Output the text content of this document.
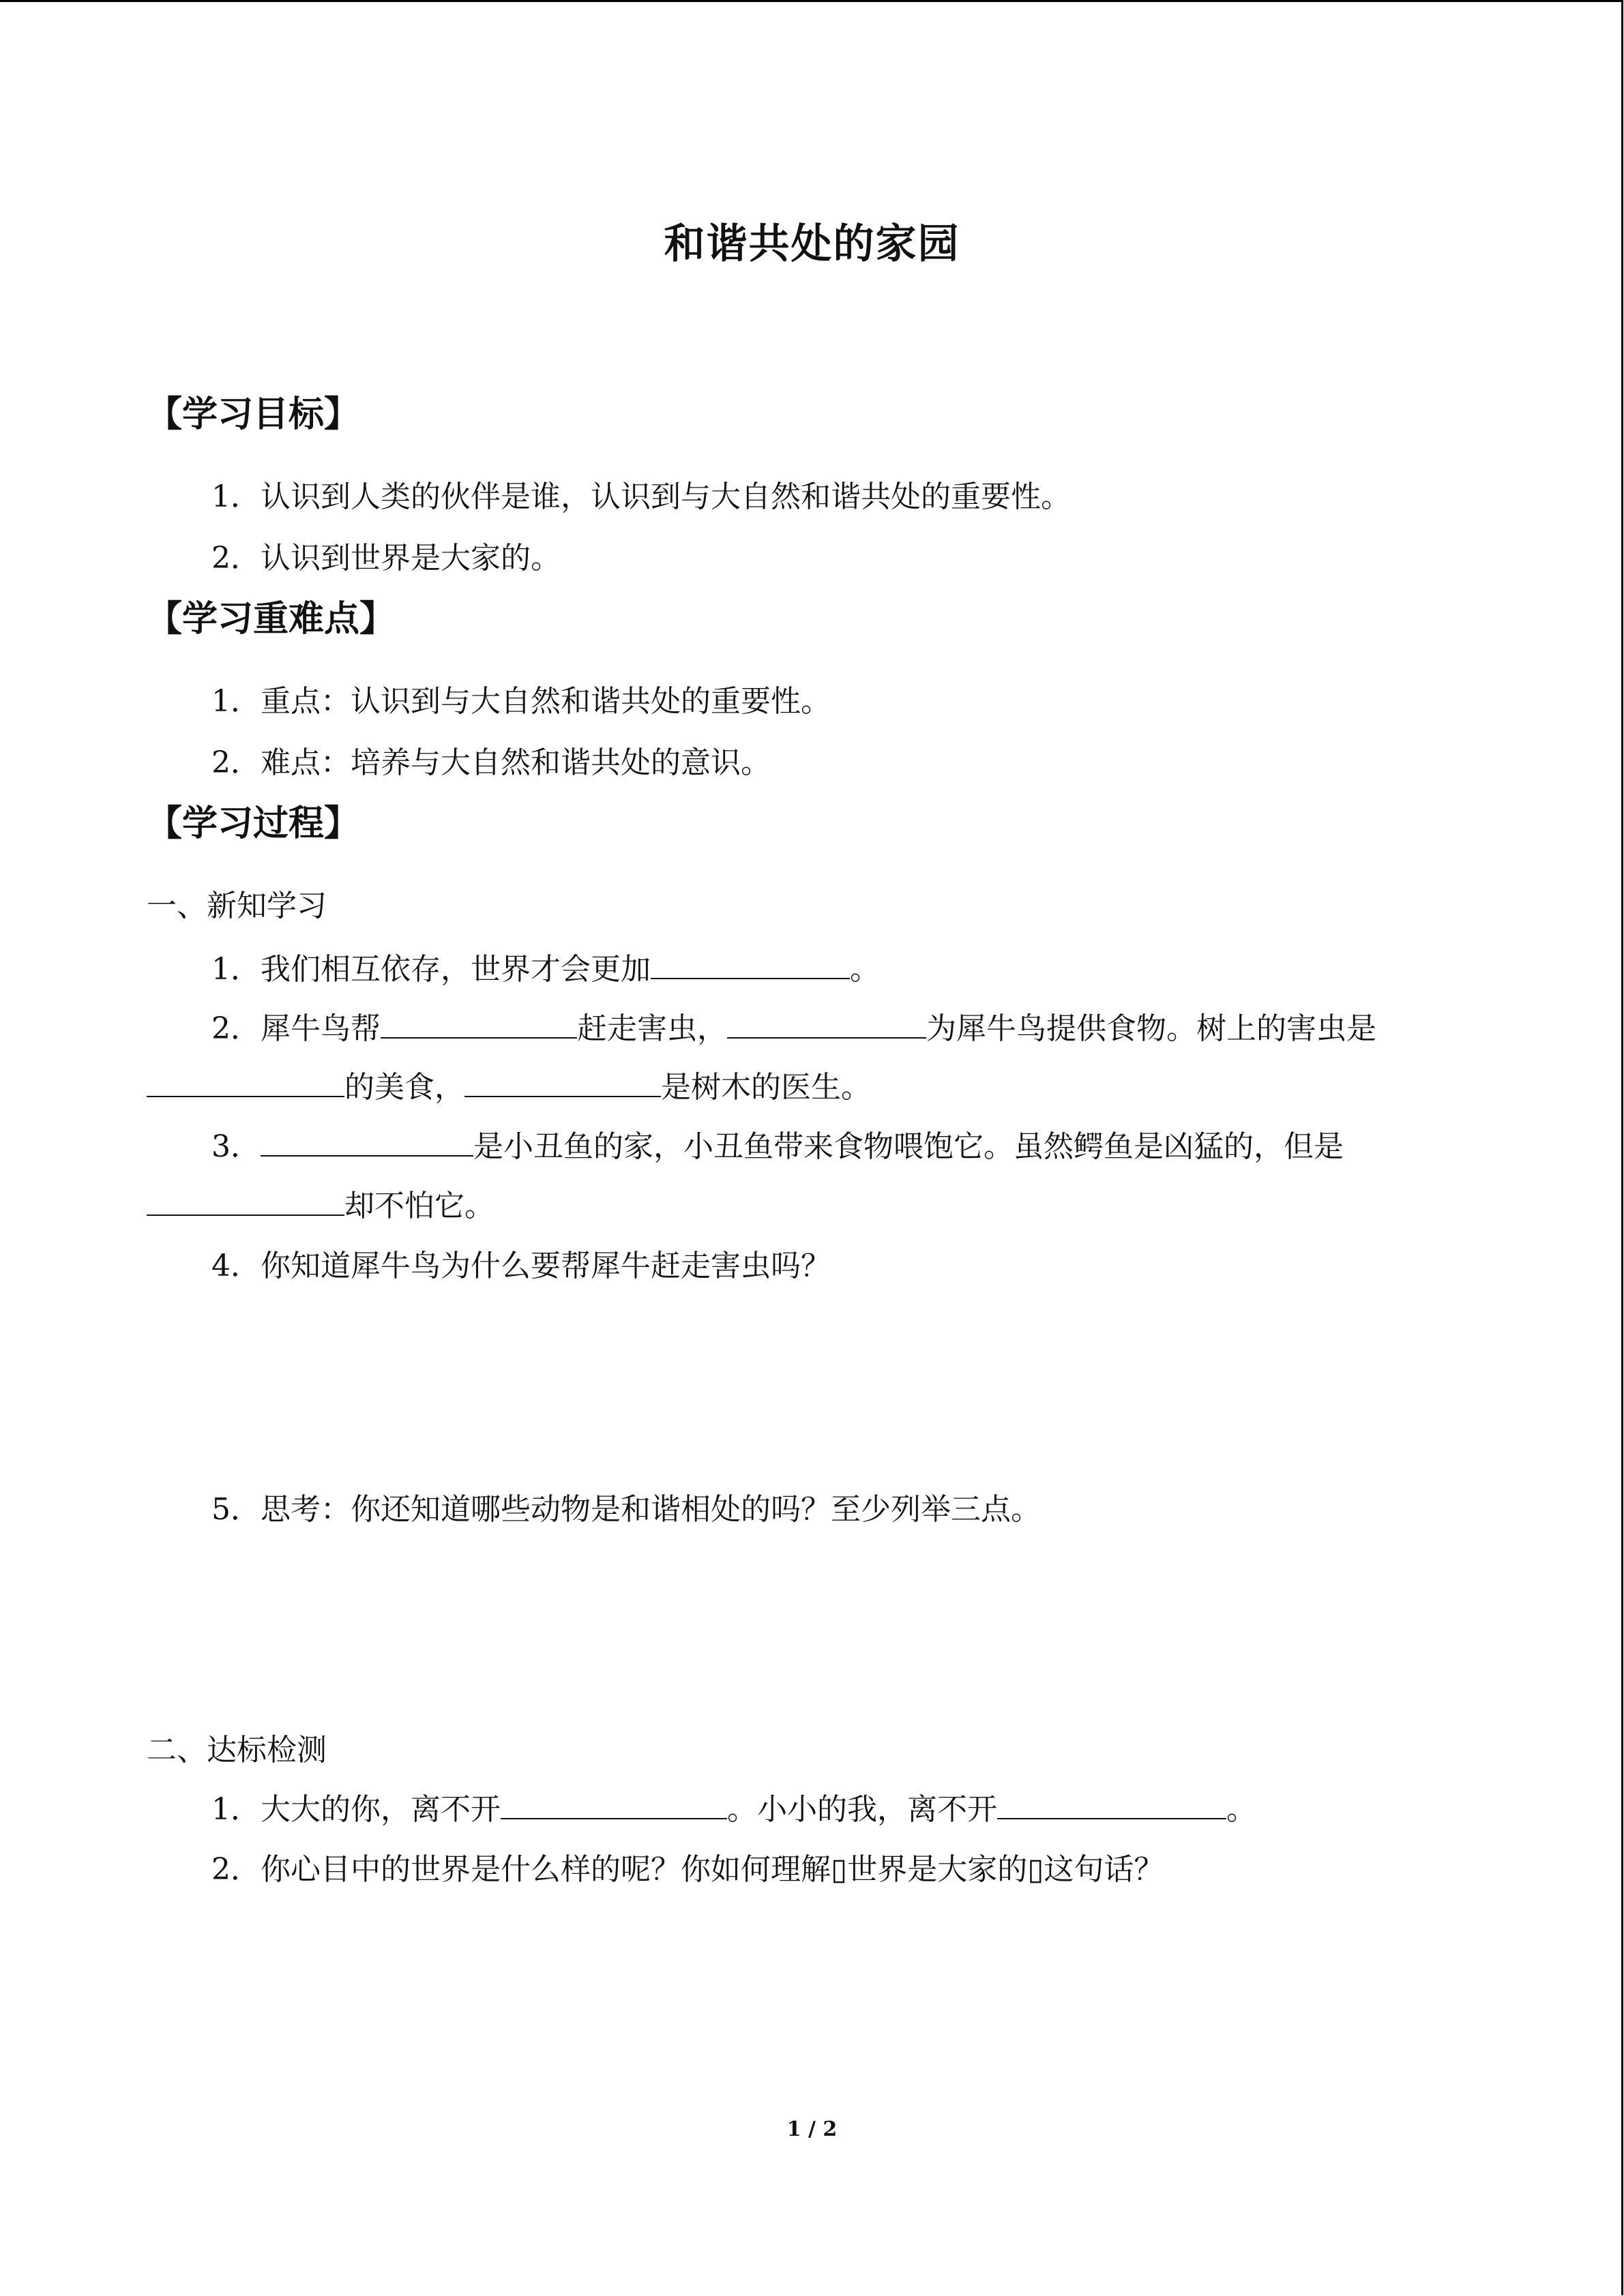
和谐共处的家园
【学习目标】
1．认识到人类的伙伴是谁，认识到与大自然和谐共处的重要性。
2．认识到世界是大家的。
【学习重难点】
1．重点：认识到与大自然和谐共处的重要性。
2．难点：培养与大自然和谐共处的意识。
【学习过程】
一、新知学习
1．我们相互依存，世界才会更加	。
2．犀牛鸟帮	赶走害虫，	为犀牛鸟提供食物。树上的害虫是
的美食，	是树木的医生。
3．	是小丑鱼的家，小丑鱼带来食物喂饱它。虽然鳄鱼是凶猛的，但是
却不怕它。
4．你知道犀牛鸟为什么要帮犀牛赶走害虫吗？
5．思考：你还知道哪些动物是和谐相处的吗？至少列举三点。
二、达标检测
1．大大的你，离不开	。小小的我，离不开	。
2．你心目中的世界是什么样的呢？你如何理解▯世界是大家的▯这句话？
1 / 2
